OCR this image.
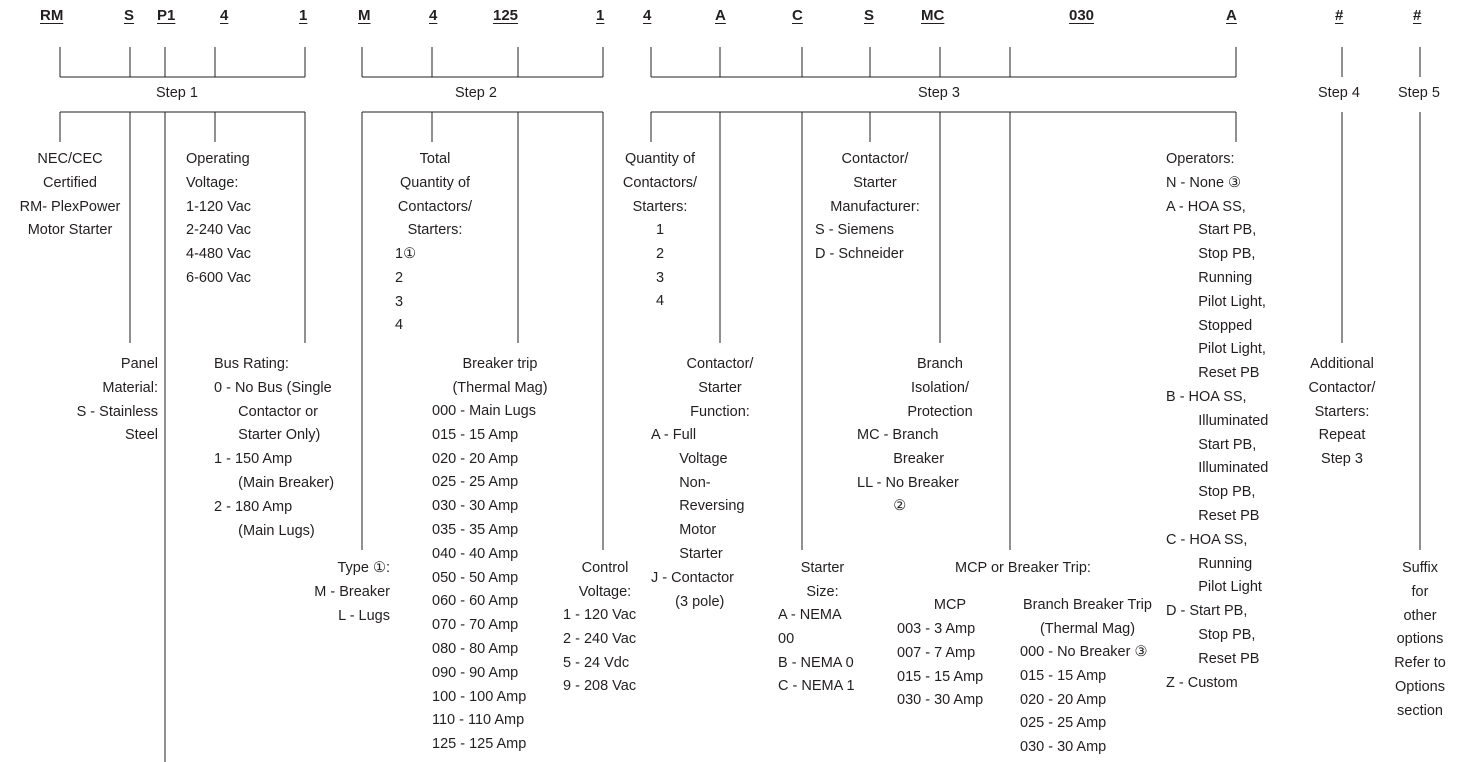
RM	S P1	4	1	M	4	125	1	4	A	C	S	MC	030	A	#	#
Step 1	Step 2	Step 3	Step 4	Step 5
NEC/CEC
Certified
RM- PlexPower
Motor Starter
Panel
Material:
S - Stainless
Steel
Operating
Voltage:
1-120 Vac
2-240 Vac
4-480 Vac
6-600 Vac
Bus Rating:
0 - No Bus (Single
Contactor or
Starter Only)
1 - 150 Amp
(Main Breaker)
2 - 180 Amp
(Main Lugs)
Type ①:
M - Breaker
L - Lugs
Total
Quantity of
Contactors/
Starters:
1①
2
3
4
Breaker trip
(Thermal Mag)
000 - Main Lugs
015 - 15 Amp
020 - 20 Amp
025 - 25 Amp
030 - 30 Amp
035 - 35 Amp
040 - 40 Amp
050 - 50 Amp
060 - 60 Amp
070 - 70 Amp
080 - 80 Amp
090 - 90 Amp
100 - 100 Amp
110 - 110 Amp
125 - 125 Amp
Control
Voltage:
1 - 120 Vac
2 - 240 Vac
5 - 24 Vdc
9 - 208 Vac
Quantity of
Contactors/
Starters:
1
2
3
4
Contactor/
Starter
Function:
A - Full
Voltage
Non-
Reversing
Motor
Starter
J - Contactor
(3 pole)
Starter
Size:
A - NEMA
00
B - NEMA 0
C - NEMA 1
Contactor/
Starter
Manufacturer:
S - Siemens
D - Schneider
Branch
Isolation/
Protection
MC - Branch
Breaker
LL - No Breaker
②
MCP or Breaker Trip:
MCP
003 - 3 Amp
007 - 7 Amp
015 - 15 Amp
030 - 30 Amp
Branch Breaker Trip
(Thermal Mag)
000 - No Breaker ③
015 - 15 Amp
020 - 20 Amp
025 - 25 Amp
030 - 30 Amp
Operators:
N - None ③
A - HOA SS,
Start PB,
Stop PB,
Running
Pilot Light,
Stopped
Pilot Light,
Reset PB
B - HOA SS,
Illuminated
Start PB,
Illuminated
Stop PB,
Reset PB
C - HOA SS,
Running
Pilot Light
D - Start PB,
Stop PB,
Reset PB
Z - Custom
Additional
Contactor/
Starters:
Repeat
Step 3
Suffix
for
other
options
Refer to
Options
section
